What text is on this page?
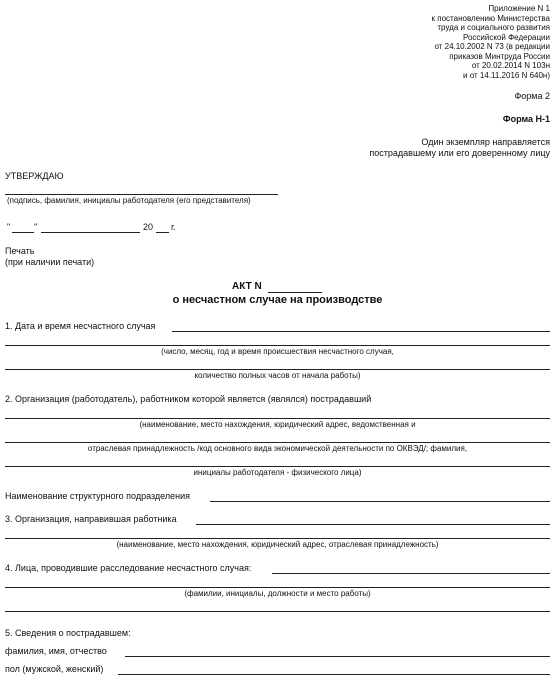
Приложение N 1
к постановлению Министерства
труда и социального развития
Российской Федерации
от 24.10.2002 N 73 (в редакции
приказов Минтруда России
от 20.02.2014 N 103н
и от 14.11.2016 N 640н)
Форма 2
Форма Н-1
Один экземпляр направляется
пострадавшему или его доверенному лицу
УТВЕРЖДАЮ
(подпись, фамилия, инициалы работодателя (его представителя)
"	"	20 г.
Печать
(при наличии печати)
АКТ N
о несчастном случае на производстве
1. Дата и время несчастного случая
(число, месяц, год и время происшествия несчастного случая,
количество полных часов от начала работы)
2. Организация (работодатель), работником которой является (являлся) пострадавший
(наименование, место нахождения, юридический адрес, ведомственная и
отраслевая принадлежность /код основного вида экономической деятельности по ОКВЭД/; фамилия,
инициалы работодателя - физического лица)
Наименование структурного подразделения
3. Организация, направившая работника
(наименование, место нахождения, юридический адрес, отраслевая принадлежность)
4. Лица, проводившие расследование несчастного случая:
(фамилии, инициалы, должности и место работы)
5. Сведения о пострадавшем:
фамилия, имя, отчество
пол (мужской, женский)
